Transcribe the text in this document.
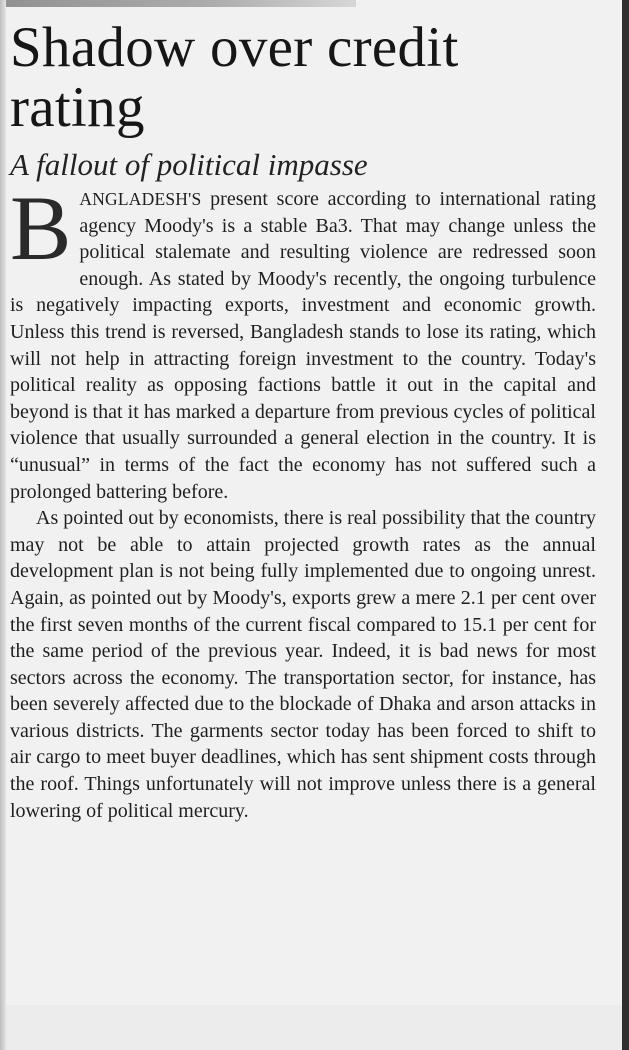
Shadow over credit rating
A fallout of political impasse

BANGLADESH'S present score according to international rating agency Moody's is a stable Ba3. That may change unless the political stalemate and resulting violence are redressed soon enough. As stated by Moody's recently, the ongoing turbulence is negatively impacting exports, investment and economic growth. Unless this trend is reversed, Bangladesh stands to lose its rating, which will not help in attracting foreign investment to the country. Today's political reality as opposing factions battle it out in the capital and beyond is that it has marked a departure from previous cycles of political violence that usually surrounded a general election in the country. It is “unusual” in terms of the fact the economy has not suffered such a prolonged battering before.

As pointed out by economists, there is real possibility that the country may not be able to attain projected growth rates as the annual development plan is not being fully implemented due to ongoing unrest. Again, as pointed out by Moody's, exports grew a mere 2.1 per cent over the first seven months of the current fiscal compared to 15.1 per cent for the same period of the previous year. Indeed, it is bad news for most sectors across the economy. The transportation sector, for instance, has been severely affected due to the blockade of Dhaka and arson attacks in various districts. The garments sector today has been forced to shift to air cargo to meet buyer deadlines, which has sent shipment costs through the roof. Things unfortunately will not improve unless there is a general lowering of political mercury.
